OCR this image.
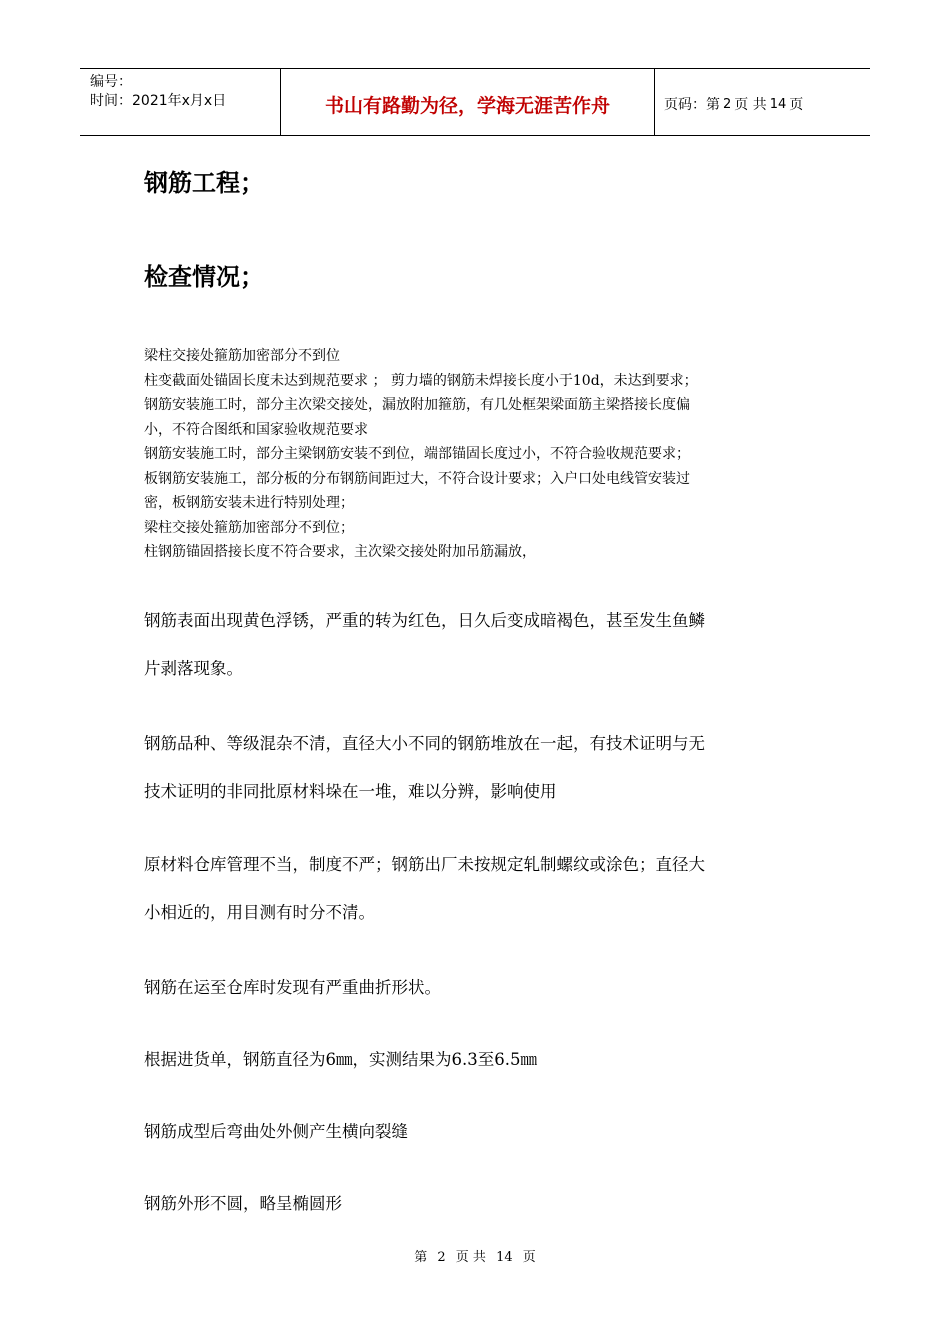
编号：
时间：2021年x月x日	书山有路勤为径，学海无涯苦作舟	页码：第 2 页 共 14 页
钢筋工程；
检查情况；

梁柱交接处箍筋加密部分不到位

柱变截面处锚固长度未达到规范要求 ； 剪力墙的钢筋未焊接长度小于10d，未达到要求；

钢筋安装施工时，部分主次梁交接处，漏放附加箍筋，有几处框架梁面筋主梁搭接长度偏

小，不符合图纸和国家验收规范要求

钢筋安装施工时，部分主梁钢筋安装不到位，端部锚固长度过小，不符合验收规范要求；

板钢筋安装施工，部分板的分布钢筋间距过大，不符合设计要求；入户口处电线管安装过

密，板钢筋安装未进行特别处理；

梁柱交接处箍筋加密部分不到位；

柱钢筋锚固搭接长度不符合要求，主次梁交接处附加吊筋漏放，

钢筋表面出现黄色浮锈，严重的转为红色，日久后变成暗褐色，甚至发生鱼鳞
片剥落现象。
钢筋品种、等级混杂不清，直径大小不同的钢筋堆放在一起，有技术证明与无
技术证明的非同批原材料垛在一堆，难以分辨，影响使用
原材料仓库管理不当，制度不严；钢筋出厂未按规定轧制螺纹或涂色；直径大
小相近的，用目测有时分不清。
钢筋在运至仓库时发现有严重曲折形状。
根据进货单，钢筋直径为6㎜，实测结果为6.3至6.5㎜
钢筋成型后弯曲处外侧产生横向裂缝
钢筋外形不圆，略呈椭圆形
第 2 页 共 14 页
